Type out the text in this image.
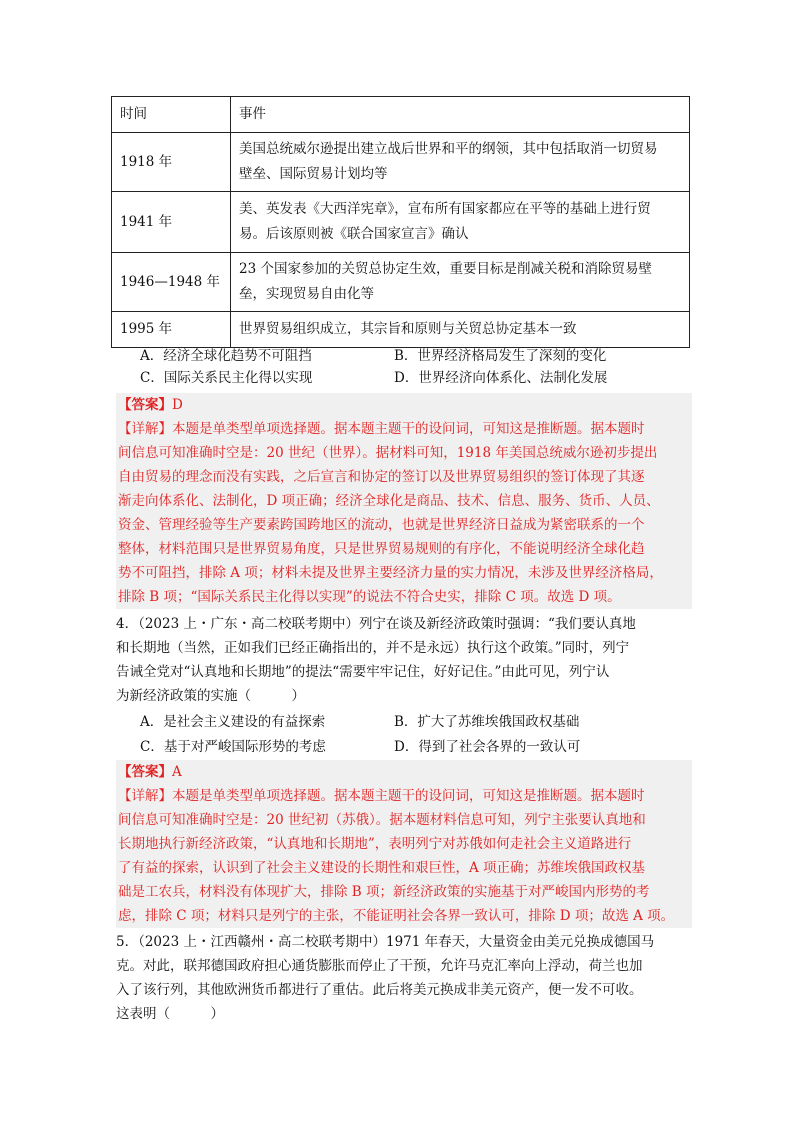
时间	事件
1918 年	美国总统威尔逊提出建立战后世界和平的纲领，其中包括取消一切贸易
壁垒、国际贸易计划均等

1941 年	美、英发表《大西洋宪章》，宣布所有国家都应在平等的基础上进行贸
易。后该原则被《联合国家宣言》确认

1946—1948 年	23 个国家参加的关贸总协定生效，重要目标是削减关税和消除贸易壁
垒，实现贸易自由化等

1995 年	世界贸易组织成立，其宗旨和原则与关贸总协定基本一致
A．经济全球化趋势不可阻挡	B．世界经济格局发生了深刻的变化
C．国际关系民主化得以实现	D．世界经济向体系化、法制化发展
【答案】D
【详解】本题是单类型单项选择题。据本题主题干的设问词，可知这是推断题。据本题时
间信息可知准确时空是：20 世纪（世界）。据材料可知，1918 年美国总统威尔逊初步提出
自由贸易的理念而没有实践，之后宣言和协定的签订以及世界贸易组织的签订体现了其逐
渐走向体系化、法制化，D 项正确；经济全球化是商品、技术、信息、服务、货币、人员、
资金、管理经验等生产要素跨国跨地区的流动，也就是世界经济日益成为紧密联系的一个
整体，材料范围只是世界贸易角度，只是世界贸易规则的有序化，不能说明经济全球化趋
势不可阻挡，排除 A 项；材料未提及世界主要经济力量的实力情况，未涉及世界经济格局，
排除 B 项；“国际关系民主化得以实现”的说法不符合史实，排除 C 项。故选 D 项。
4．（2023 上・广东・高二校联考期中）列宁在谈及新经济政策时强调：“我们要认真地
和长期地（当然，正如我们已经正确指出的，并不是永远）执行这个政策。”同时，列宁
告诫全党对“认真地和长期地”的提法“需要牢牢记住，好好记住。”由此可见，列宁认
为新经济政策的实施（　　　）
A．是社会主义建设的有益探索	B．扩大了苏维埃俄国政权基础
C．基于对严峻国际形势的考虑	D．得到了社会各界的一致认可
【答案】A
【详解】本题是单类型单项选择题。据本题主题干的设问词，可知这是推断题。据本题时
间信息可知准确时空是：20 世纪初（苏俄）。据本题材料信息可知，列宁主张要认真地和
长期地执行新经济政策，“认真地和长期地”，表明列宁对苏俄如何走社会主义道路进行
了有益的探索，认识到了社会主义建设的长期性和艰巨性，A 项正确；苏维埃俄国政权基
础是工农兵，材料没有体现扩大，排除 B 项；新经济政策的实施基于对严峻国内形势的考
虑，排除 C 项；材料只是列宁的主张，不能证明社会各界一致认可，排除 D 项；故选 A 项。
5．（2023 上・江西赣州・高二校联考期中）1971 年春天，大量资金由美元兑换成德国马
克。对此，联邦德国政府担心通货膨胀而停止了干预，允许马克汇率向上浮动，荷兰也加
入了该行列，其他欧洲货币都进行了重估。此后将美元换成非美元资产，便一发不可收。
这表明（　　　）
